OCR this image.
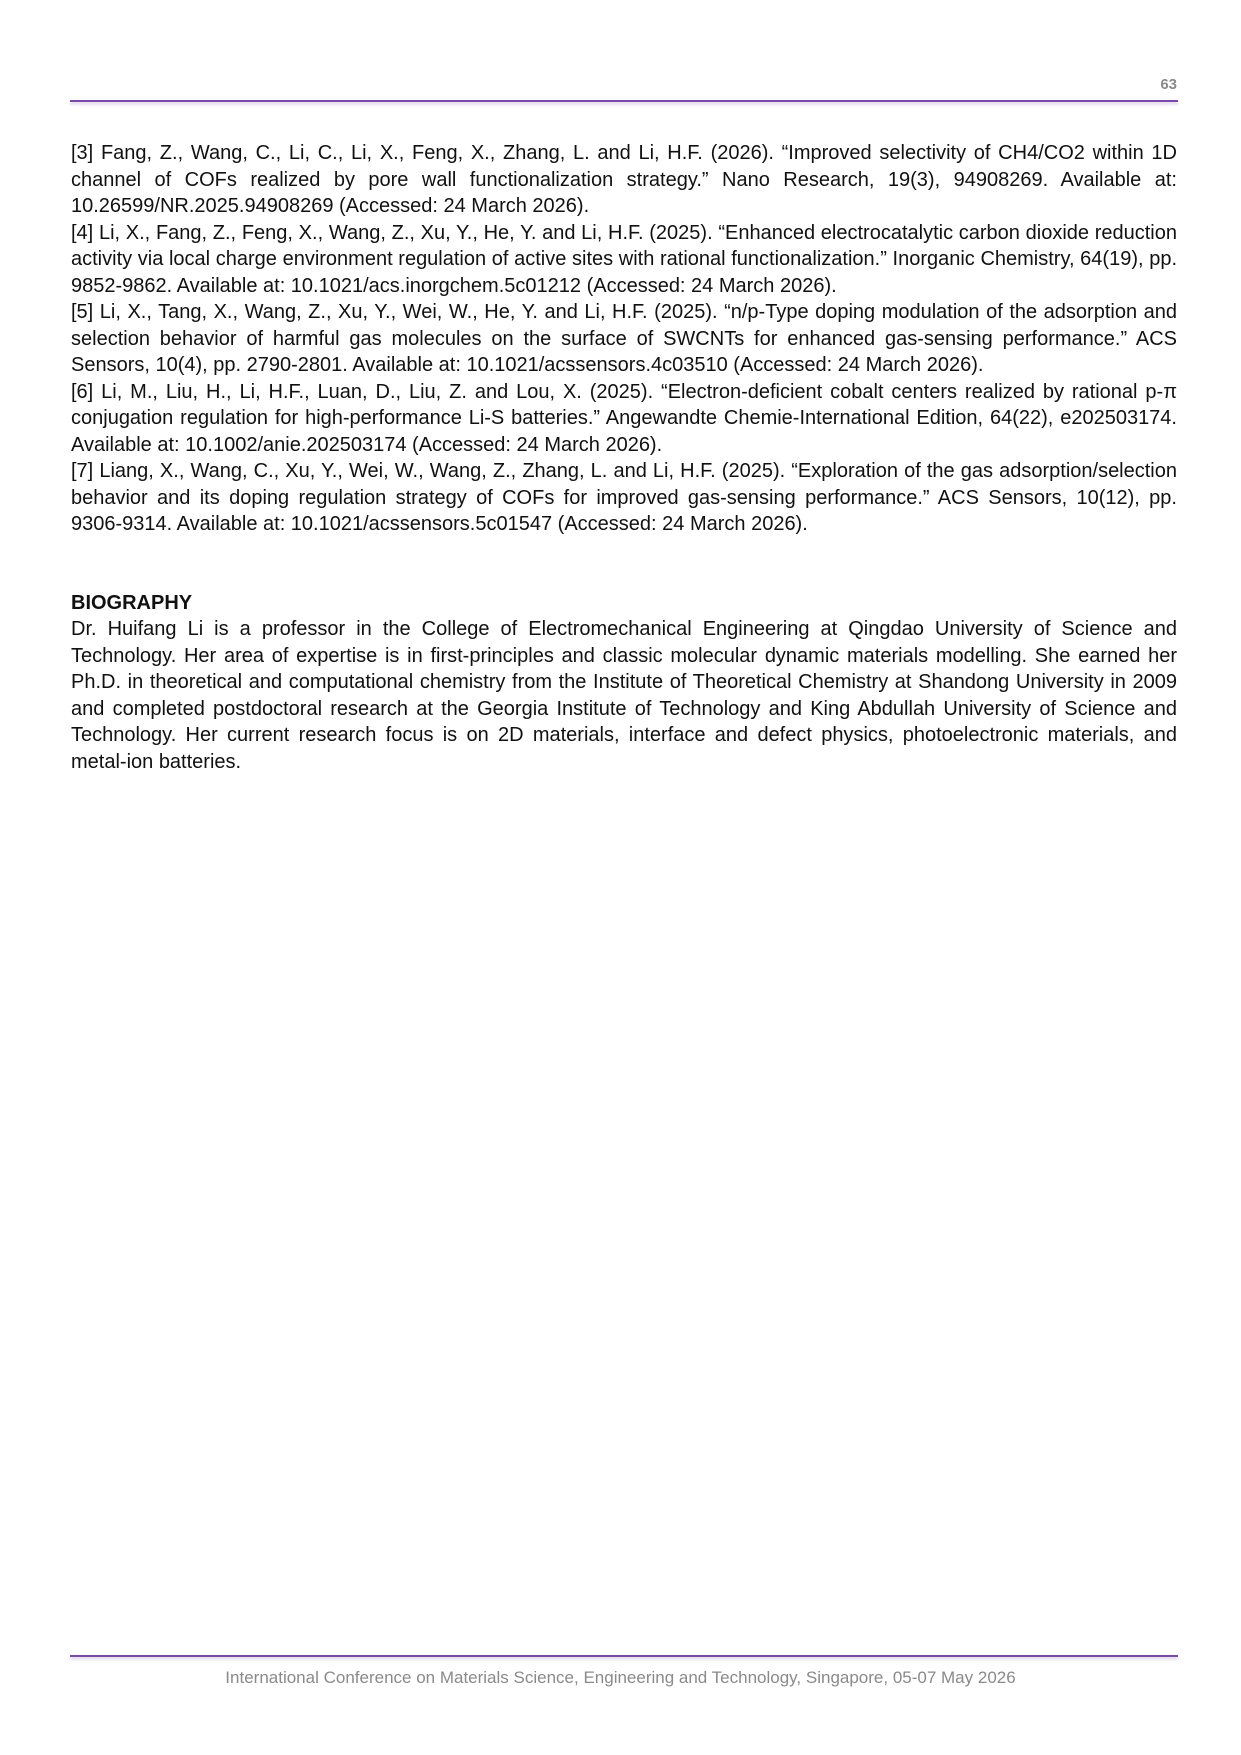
63

[3] Fang, Z., Wang, C., Li, C., Li, X., Feng, X., Zhang, L. and Li, H.F. (2026). “Improved selectivity of CH4/CO2 within 1D channel of COFs realized by pore wall functionalization strategy.” Nano Research, 19(3), 94908269. Available at: 10.26599/NR.2025.94908269 (Accessed: 24 March 2026).

[4] Li, X., Fang, Z., Feng, X., Wang, Z., Xu, Y., He, Y. and Li, H.F. (2025). “Enhanced electrocatalytic carbon dioxide reduction activity via local charge environment regulation of active sites with rational functionalization.” Inorganic Chemistry, 64(19), pp. 9852-9862. Available at: 10.1021/acs.inorgchem.5c01212 (Accessed: 24 March 2026).

[5] Li, X., Tang, X., Wang, Z., Xu, Y., Wei, W., He, Y. and Li, H.F. (2025). “n/p-Type doping modulation of the adsorption and selection behavior of harmful gas molecules on the surface of SWCNTs for enhanced gas-sensing performance.” ACS Sensors, 10(4), pp. 2790-2801. Available at: 10.1021/acssensors.4c03510 (Accessed: 24 March 2026).

[6] Li, M., Liu, H., Li, H.F., Luan, D., Liu, Z. and Lou, X. (2025). “Electron-deficient cobalt centers realized by rational p-π conjugation regulation for high-performance Li-S batteries.” Angewandte Chemie-International Edition, 64(22), e202503174. Available at: 10.1002/anie.202503174 (Accessed: 24 March 2026).

[7] Liang, X., Wang, C., Xu, Y., Wei, W., Wang, Z., Zhang, L. and Li, H.F. (2025). “Exploration of the gas adsorption/selection behavior and its doping regulation strategy of COFs for improved gas-sensing performance.” ACS Sensors, 10(12), pp. 9306-9314. Available at: 10.1021/acssensors.5c01547 (Accessed: 24 March 2026).

BIOGRAPHY

Dr. Huifang Li is a professor in the College of Electromechanical Engineering at Qingdao University of Science and Technology. Her area of expertise is in first-principles and classic molecular dynamic materials modelling. She earned her Ph.D. in theoretical and computational chemistry from the Institute of Theoretical Chemistry at Shandong University in 2009 and completed postdoctoral research at the Georgia Institute of Technology and King Abdullah University of Science and Technology. Her current research focus is on 2D materials, interface and defect physics, photoelectronic materials, and metal-ion batteries.

International Conference on Materials Science, Engineering and Technology, Singapore, 05-07 May 2026
